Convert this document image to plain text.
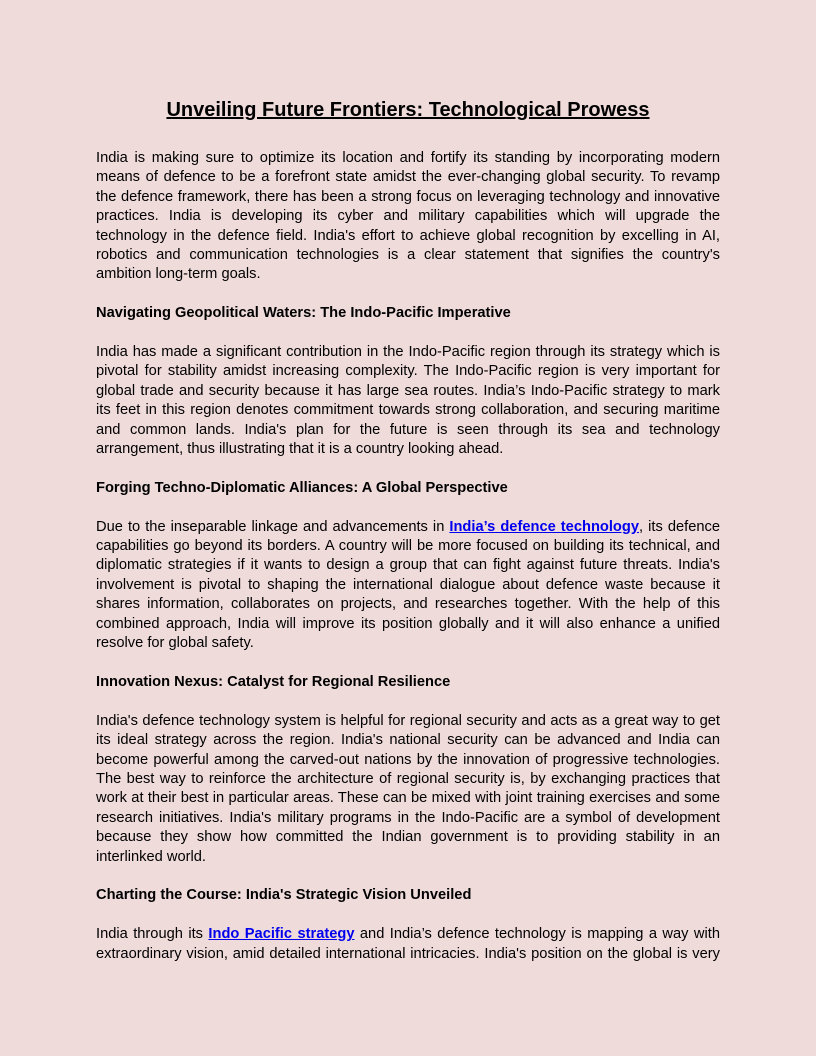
Unveiling Future Frontiers: Technological Prowess

India is making sure to optimize its location and fortify its standing by incorporating modern means of defence to be a forefront state amidst the ever-changing global security. To revamp the defence framework, there has been a strong focus on leveraging technology and innovative practices. India is developing its cyber and military capabilities which will upgrade the technology in the defence field. India's effort to achieve global recognition by excelling in AI, robotics and communication technologies is a clear statement that signifies the country's ambition long-term goals.

Navigating Geopolitical Waters: The Indo-Pacific Imperative

India has made a significant contribution in the Indo-Pacific region through its strategy which is pivotal for stability amidst increasing complexity. The Indo-Pacific region is very important for global trade and security because it has large sea routes. India’s Indo-Pacific strategy to mark its feet in this region denotes commitment towards strong collaboration, and securing maritime and common lands. India's plan for the future is seen through its sea and technology arrangement, thus illustrating that it is a country looking ahead.

Forging Techno-Diplomatic Alliances: A Global Perspective

Due to the inseparable linkage and advancements in India’s defence technology, its defence capabilities go beyond its borders. A country will be more focused on building its technical, and diplomatic strategies if it wants to design a group that can fight against future threats. India's involvement is pivotal to shaping the international dialogue about defence waste because it shares information, collaborates on projects, and researches together. With the help of this combined approach, India will improve its position globally and it will also enhance a unified resolve for global safety.

Innovation Nexus: Catalyst for Regional Resilience

India's defence technology system is helpful for regional security and acts as a great way to get its ideal strategy across the region. India's national security can be advanced and India can become powerful among the carved-out nations by the innovation of progressive technologies. The best way to reinforce the architecture of regional security is, by exchanging practices that work at their best in particular areas. These can be mixed with joint training exercises and some research initiatives. India's military programs in the Indo-Pacific are a symbol of development because they show how committed the Indian government is to providing stability in an interlinked world.

Charting the Course: India's Strategic Vision Unveiled

India through its Indo Pacific strategy and India’s defence technology is mapping a way with extraordinary vision, amid detailed international intricacies. India's position on the global is very
